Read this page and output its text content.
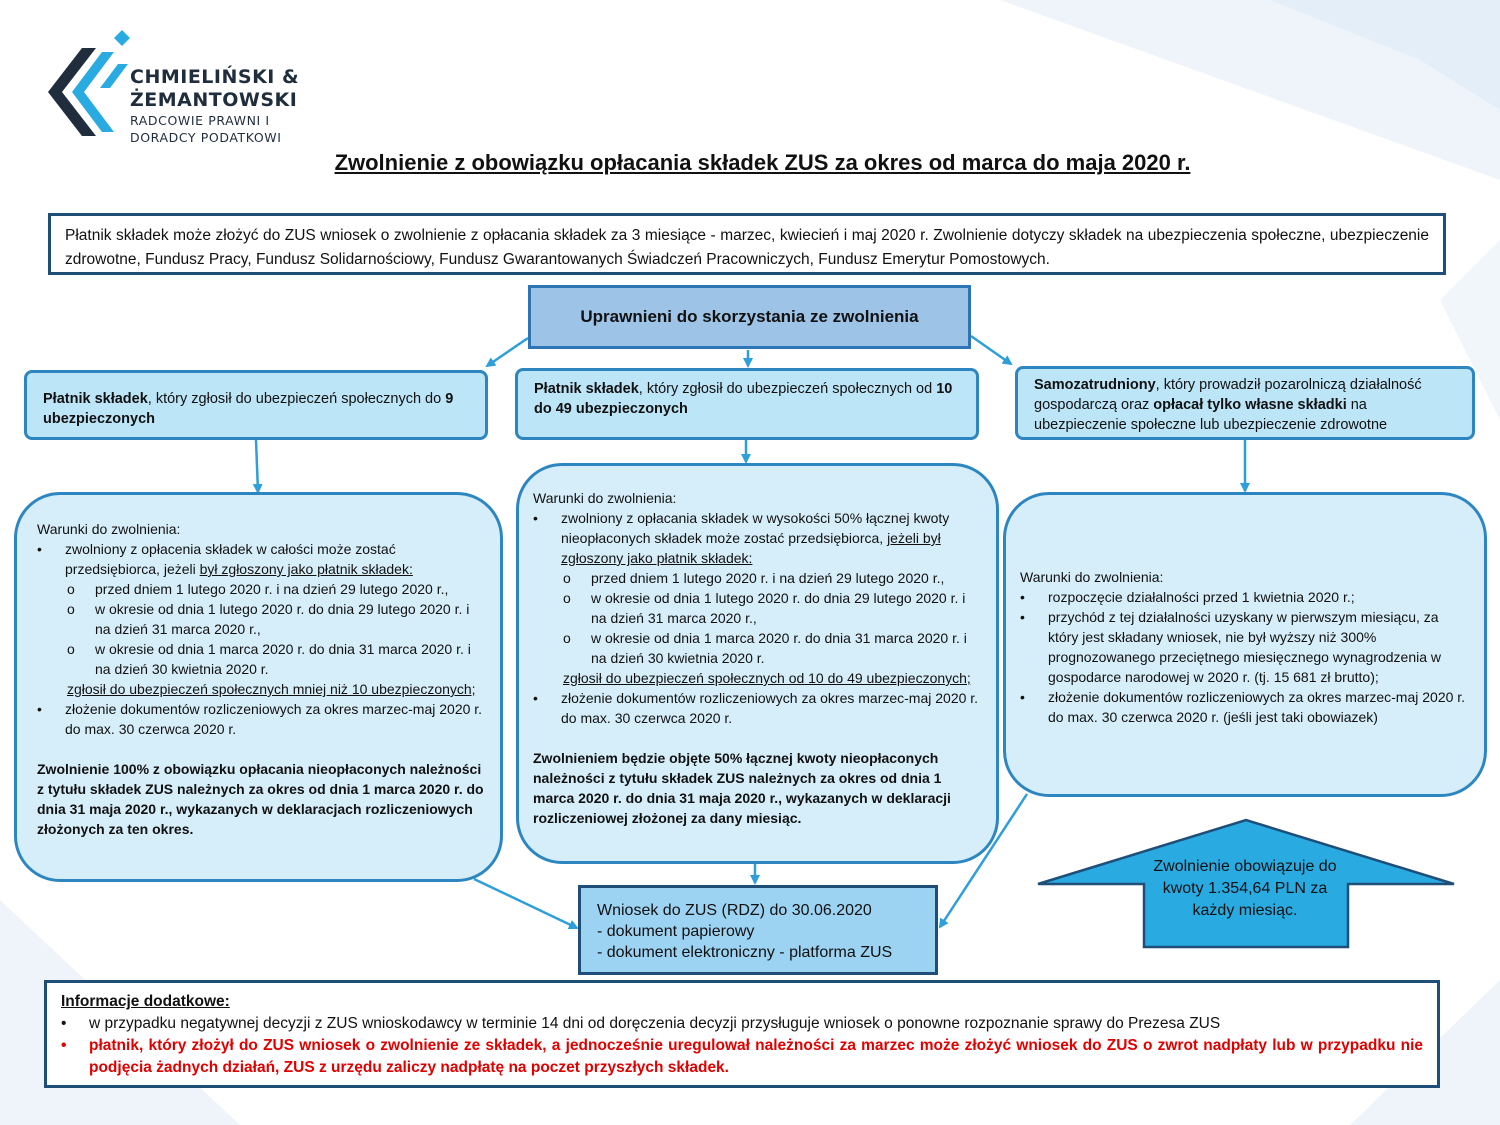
CHMIELIŃSKI &
ŻEMANTOWSKI
RADCOWIE PRAWNI I
DORADCY PODATKOWI
Zwolnienie z obowiązku opłacania składek ZUS za okres od marca do maja 2020 r.
Płatnik składek może złożyć do ZUS wniosek o zwolnienie z opłacania składek za 3 miesiące - marzec, kwiecień i maj 2020 r. Zwolnienie dotyczy składek na ubezpieczenia społeczne, ubezpieczenie zdrowotne, Fundusz Pracy, Fundusz Solidarnościowy, Fundusz Gwarantowanych Świadczeń Pracowniczych, Fundusz Emerytur Pomostowych.
Uprawnieni do skorzystania ze zwolnienia
Płatnik składek, który zgłosił do ubezpieczeń społecznych do 9 ubezpieczonych
Płatnik składek, który zgłosił do ubezpieczeń społecznych od 10 do 49 ubezpieczonych
Samozatrudniony, który prowadził pozarolniczą działalność gospodarczą oraz opłacał tylko własne składki na ubezpieczenie społeczne lub ubezpieczenie zdrowotne
Warunki do zwolnienia:
• zwolniony z opłacenia składek w całości może zostać przedsiębiorca, jeżeli był zgłoszony jako płatnik składek:
o przed dniem 1 lutego 2020 r. i na dzień 29 lutego 2020 r.,
o w okresie od dnia 1 lutego 2020 r. do dnia 29 lutego 2020 r. i na dzień 31 marca 2020 r.,
o w okresie od dnia 1 marca 2020 r. do dnia 31 marca 2020 r. i na dzień 30 kwietnia 2020 r.
zgłosił do ubezpieczeń społecznych mniej niż 10 ubezpieczonych;
• złożenie dokumentów rozliczeniowych za okres marzec-maj 2020 r. do max. 30 czerwca 2020 r.
Zwolnienie 100% z obowiązku opłacania nieopłaconych należności z tytułu składek ZUS należnych za okres od dnia 1 marca 2020 r. do dnia 31 maja 2020 r., wykazanych w deklaracjach rozliczeniowych złożonych za ten okres.
Warunki do zwolnienia:
• zwolniony z opłacania składek w wysokości 50% łącznej kwoty nieopłaconych składek może zostać przedsiębiorca, jeżeli był zgłoszony jako płatnik składek:
o przed dniem 1 lutego 2020 r. i na dzień 29 lutego 2020 r.,
o w okresie od dnia 1 lutego 2020 r. do dnia 29 lutego 2020 r. i na dzień 31 marca 2020 r.,
o w okresie od dnia 1 marca 2020 r. do dnia 31 marca 2020 r. i na dzień 30 kwietnia 2020 r.
zgłosił do ubezpieczeń społecznych od 10 do 49 ubezpieczonych;
• złożenie dokumentów rozliczeniowych za okres marzec-maj 2020 r. do max. 30 czerwca 2020 r.
Zwolnieniem będzie objęte 50% łącznej kwoty nieopłaconych należności z tytułu składek ZUS należnych za okres od dnia 1 marca 2020 r. do dnia 31 maja 2020 r., wykazanych w deklaracji rozliczeniowej złożonej za dany miesiąc.
Warunki do zwolnienia:
• rozpoczęcie działalności przed 1 kwietnia 2020 r.;
• przychód z tej działalności uzyskany w pierwszym miesiącu, za który jest składany wniosek, nie był wyższy niż 300% prognozowanego przeciętnego miesięcznego wynagrodzenia w gospodarce narodowej w 2020 r. (tj. 15 681 zł brutto);
• złożenie dokumentów rozliczeniowych za okres marzec-maj 2020 r. do max. 30 czerwca 2020 r. (jeśli jest taki obowiazek)
Zwolnienie obowiązuje do kwoty 1.354,64 PLN za każdy miesiąc.
Wniosek do ZUS (RDZ) do 30.06.2020
- dokument papierowy
- dokument elektroniczny - platforma ZUS
Informacje dodatkowe:
• w przypadku negatywnej decyzji z ZUS wnioskodawcy w terminie 14 dni od doręczenia decyzji przysługuje wniosek o ponowne rozpoznanie sprawy do Prezesa ZUS
• płatnik, który złożył do ZUS wniosek o zwolnienie ze składek, a jednocześnie uregulował należności za marzec może złożyć wniosek do ZUS o zwrot nadpłaty lub w przypadku nie podjęcia żadnych działań, ZUS z urzędu zaliczy nadpłatę na poczet przyszłych składek.
